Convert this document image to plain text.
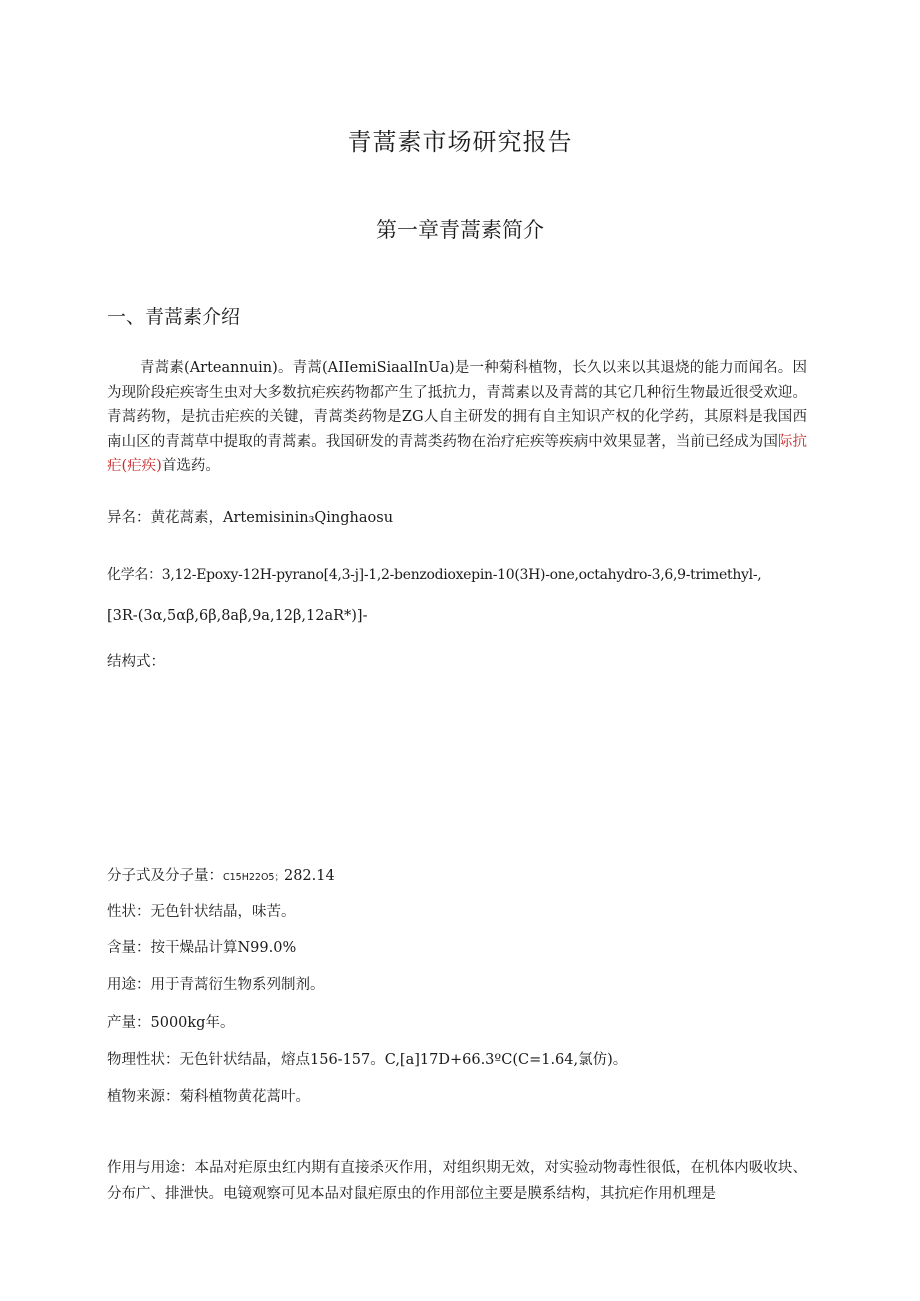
青蒿素市场研究报告
第一章青蒿素简介
一、青蒿素介绍

青蒿素(Arteannuin)。青蒿(AIIemiSiaalInUa)是一种菊科植物，长久以来以其退烧的能力而闻名。因为现阶段疟疾寄生虫对大多数抗疟疾药物都产生了抵抗力，青蒿素以及青蒿的其它几种衍生物最近很受欢迎。青蒿药物，是抗击疟疾的关键，青蒿类药物是ZG人自主研发的拥有自主知识产权的化学药，其原料是我国西南山区的青蒿草中提取的青蒿素。我国研发的青蒿类药物在治疗疟疾等疾病中效果显著，当前已经成为国际抗疟(疟疾)首选药。

异名：黄花蒿素，Artemisinin₃Qinghaosu

化学名：3,12-Epoxy-12H-pyrano[4,3-j]-1,2-benzodioxepin-10(3H)-one,octahydro-3,6,9-trimethyl-,

[3R-(3α,5αβ,6β,8aβ,9a,12β,12aR*)]-

结构式：

分子式及分子量：C15H22O5；282.14

性状：无色针状结晶，味苦。

含量：按干燥品计算N99.0%

用途：用于青蒿衍生物系列制剂。

产量：5000kg年。

物理性状：无色针状结晶，熔点156-157。C,[a]17D+66.3ºC(C=1.64,氯仿)。

植物来源：菊科植物黄花蒿叶。

作用与用途：本品对疟原虫红内期有直接杀灭作用，对组织期无效，对实验动物毒性很低，在机体内吸收块、分布广、排泄快。电镜观察可见本品对鼠疟原虫的作用部位主要是膜系结构，其抗疟作用机理是
